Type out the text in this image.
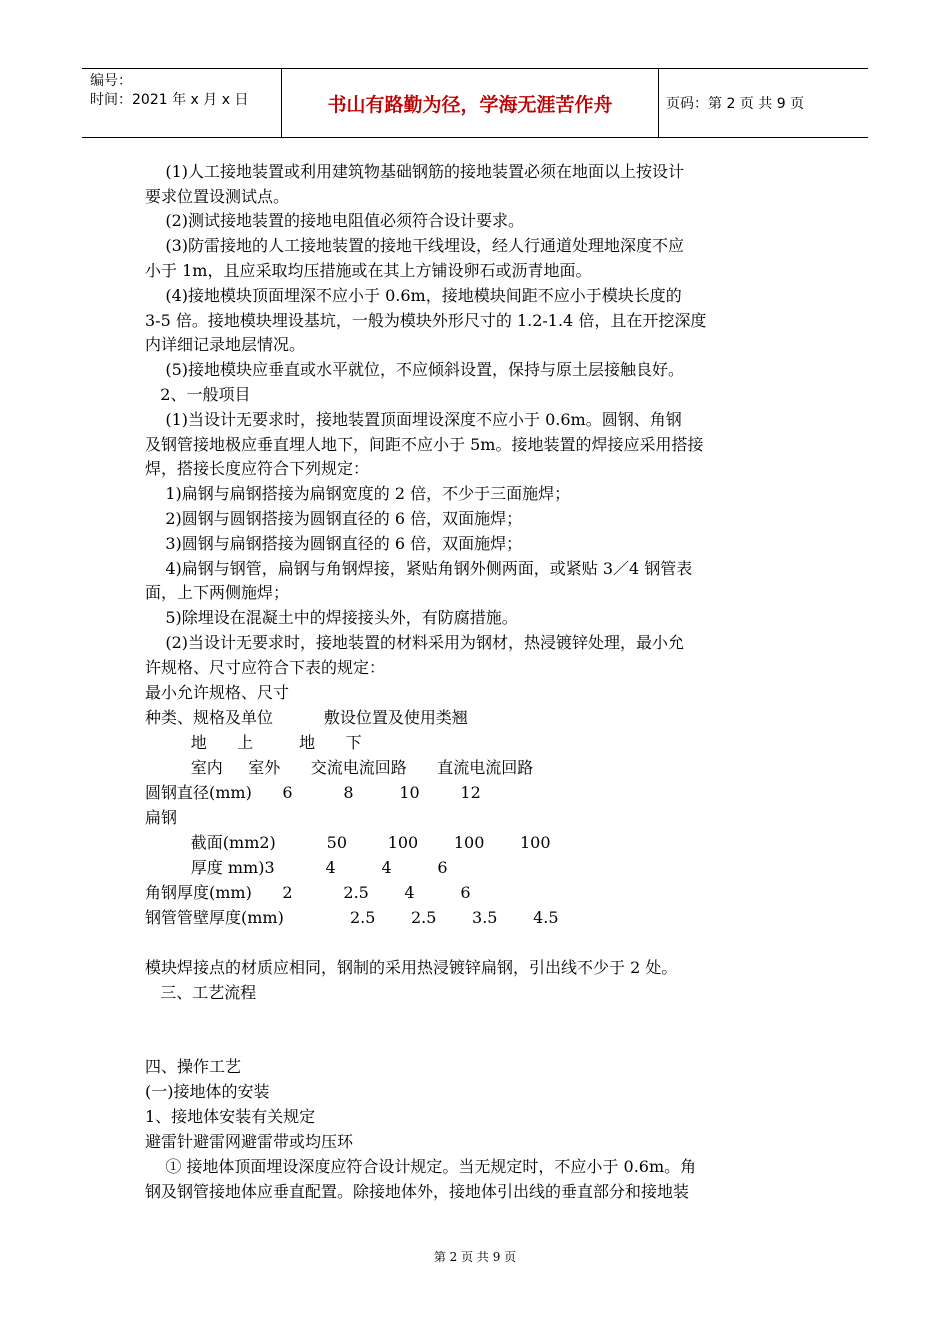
编号：
时间：2021 年 x 月 x 日	书山有路勤为径，学海无涯苦作舟	页码：第 2 页 共 9 页
(1)人工接地装置或利用建筑物基础钢筋的接地装置必须在地面以上按设计
要求位置设测试点。
(2)测试接地装置的接地电阻值必须符合设计要求。
(3)防雷接地的人工接地装置的接地干线埋设，经人行通道处理地深度不应
小于 1m，且应采取均压措施或在其上方铺设卵石或沥青地面。
(4)接地模块顶面埋深不应小于 0.6m，接地模块间距不应小于模块长度的
3-5 倍。接地模块埋设基坑，一般为模块外形尺寸的 1.2-1.4 倍，且在开挖深度
内详细记录地层情况。
(5)接地模块应垂直或水平就位，不应倾斜设置，保持与原土层接触良好。
2、一般项目
(1)当设计无要求时，接地装置顶面埋设深度不应小于 0.6m。圆钢、角钢
及钢管接地极应垂直埋人地下，间距不应小于 5m。接地装置的焊接应采用搭接
焊，搭接长度应符合下列规定：
1)扁钢与扁钢搭接为扁钢宽度的 2 倍，不少于三面施焊；
2)圆钢与圆钢搭接为圆钢直径的 6 倍，双面施焊；
3)圆钢与扁钢搭接为圆钢直径的 6 倍，双面施焊；
4)扁钢与钢管，扁钢与角钢焊接，紧贴角钢外侧两面，或紧贴 3／4 钢管表
面，上下两侧施焊；
5)除埋设在混凝土中的焊接接头外，有防腐措施。
(2)当设计无要求时，接地装置的材料采用为钢材，热浸镀锌处理，最小允
许规格、尺寸应符合下表的规定：
最小允许规格、尺寸
种类、规格及单位          敷设位置及使用类翘
地      上         地      下
室内     室外      交流电流回路      直流电流回路
圆钢直径(mm)      6          8         10        12
扁钢
截面(mm2)          50        100       100       100
厚度 mm)3          4         4         6
角钢厚度(mm)      2          2.5       4         6
钢管管壁厚度(mm)             2.5       2.5       3.5       4.5
模块焊接点的材质应相同，钢制的采用热浸镀锌扁钢，引出线不少于 2 处。
三、工艺流程
四、操作工艺
(一)接地体的安装
1、接地体安装有关规定
避雷针避雷网避雷带或均压环
① 接地体顶面埋设深度应符合设计规定。当无规定时，不应小于 0.6m。角
钢及钢管接地体应垂直配置。除接地体外，接地体引出线的垂直部分和接地装
第 2 页 共 9 页
